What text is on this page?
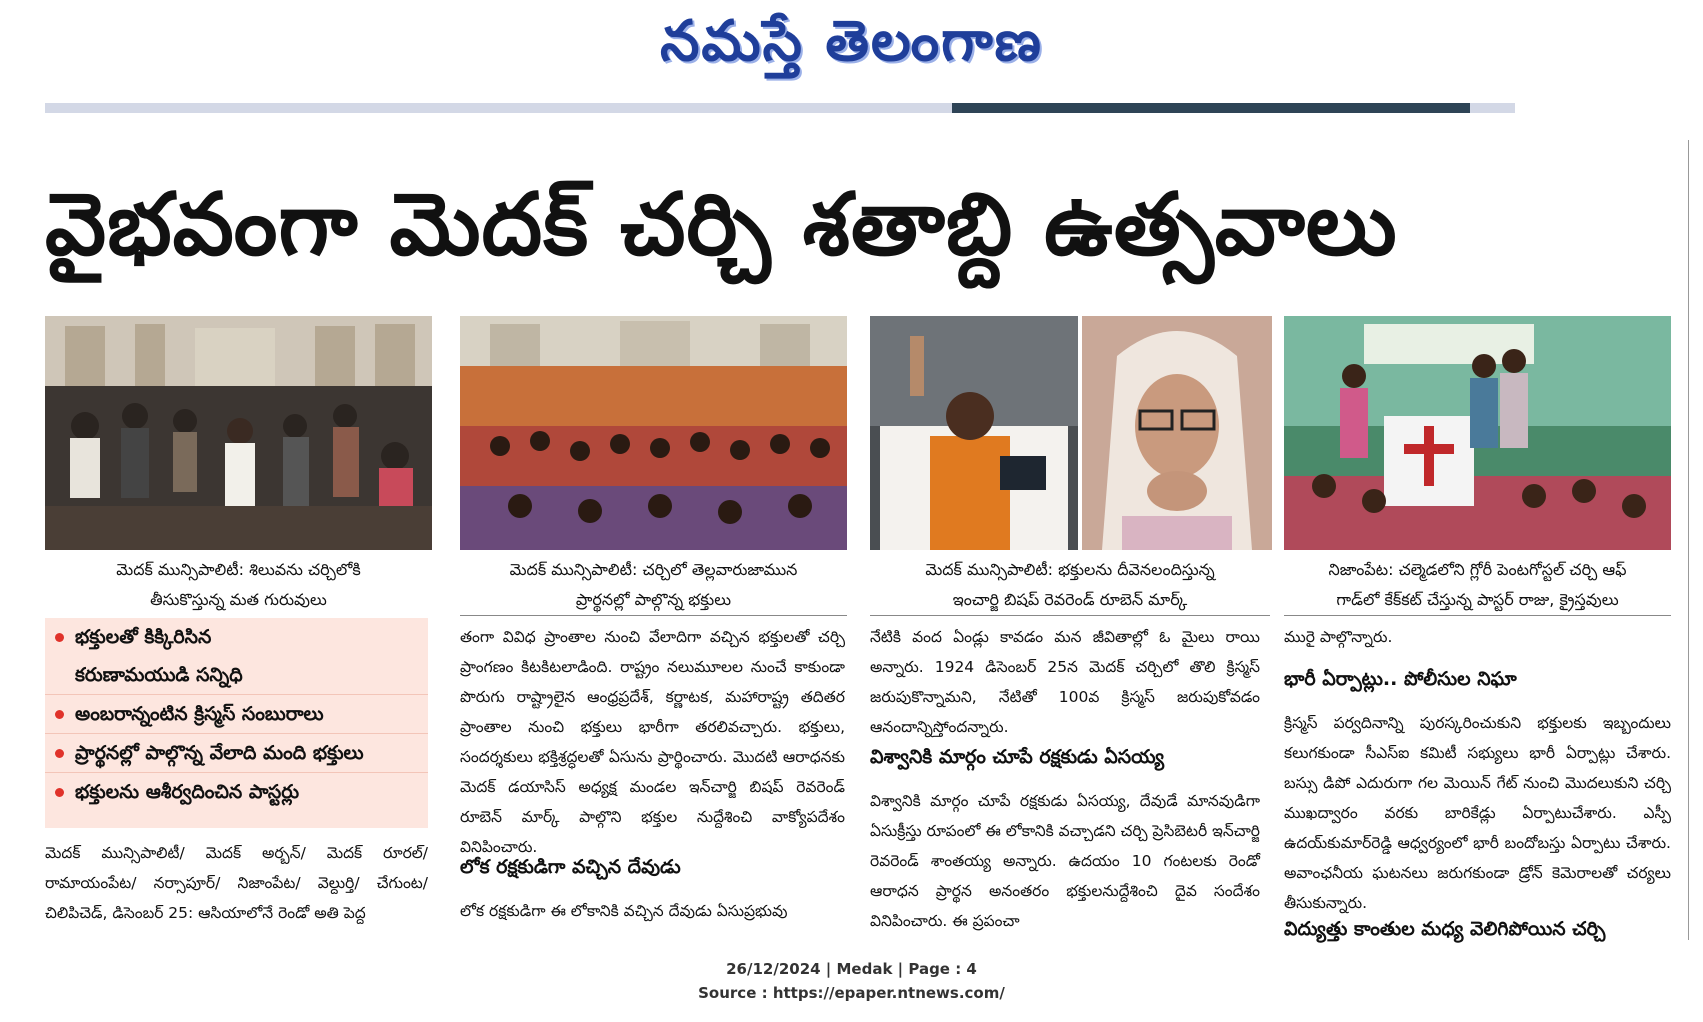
నమస్తే తెలంగాణ
వైభవంగా మెదక్ చర్చి శతాబ్ది ఉత్సవాలు
మెదక్ మున్సిపాలిటీ: శిలువను చర్చిలోకి
తీసుకొస్తున్న మత గురువులు
మెదక్ మున్సిపాలిటీ: చర్చిలో తెల్లవారుజామున
ప్రార్థనల్లో పాల్గొన్న భక్తులు
మెదక్ మున్సిపాలిటీ: భక్తులను దీవెనలందిస్తున్న
ఇంచార్జి బిషప్ రెవరెండ్ రూబెన్ మార్క్
నిజాంపేట: చల్మెడలోని గ్లోరీ పెంటగోస్టల్ చర్చి ఆఫ్
గాడ్‌లో కేక్‌కట్ చేస్తున్న పాస్టర్ రాజు, క్రైస్తవులు
భక్తులతో కిక్కిరిసిన
కరుణామయుడి సన్నిధి
అంబరాన్నంటిన క్రిస్మస్ సంబురాలు
ప్రార్థనల్లో పాల్గొన్న వేలాది మంది భక్తులు
భక్తులను ఆశీర్వదించిన పాస్టర్లు
మెదక్ మున్సిపాలిటీ/ మెదక్ అర్బన్/ మెదక్ రూరల్/ రామాయంపేట/ నర్సాపూర్/ నిజాంపేట/ వెల్దుర్తి/ చేగుంట/చిలిపిచెడ్, డిసెంబర్ 25: ఆసియాలోనే రెండో అతి పెద్ద
తంగా వివిధ ప్రాంతాల నుంచి వేలాదిగా వచ్చిన భక్తులతో చర్చి ప్రాంగణం కిటకిటలాడింది. రాష్ట్రం నలుమూలల నుంచే కాకుండా పొరుగు రాష్ట్రాలైన ఆంధ్రప్రదేశ్, కర్ణాటక, మహారాష్ట్ర తదితర ప్రాంతాల నుంచి భక్తులు భారీగా తరలివచ్చారు. భక్తులు, సందర్శకులు భక్తిశ్రద్ధలతో ఏసును ప్రార్థించారు. మొదటి ఆరాధనకు మెదక్ డయాసిస్ అధ్యక్ష మండల ఇన్‌చార్జి బిషప్ రెవరెండ్ రూబెన్ మార్క్ పాల్గొని భక్తుల నుద్దేశించి వాక్యోపదేశం వినిపించారు.
లోక రక్షకుడిగా వచ్చిన దేవుడు
లోక రక్షకుడిగా ఈ లోకానికి వచ్చిన దేవుడు ఏసుప్రభువు
నేటికి వంద ఏండ్లు కావడం మన జీవితాల్లో ఓ మైలు రాయి అన్నారు. 1924 డిసెంబర్ 25న మెదక్ చర్చిలో తొలి క్రిస్మస్ జరుపుకొన్నామని, నేటితో 100వ క్రిస్మస్ జరుపుకోవడం ఆనందాన్నిస్తోందన్నారు.
విశ్వానికి మార్గం చూపే రక్షకుడు ఏసయ్య
విశ్వానికి మార్గం చూపే రక్షకుడు ఏసయ్య, దేవుడే మానవుడిగా ఏసుక్రీస్తు రూపంలో ఈ లోకానికి వచ్చాడని చర్చి ప్రెసిబెటరీ ఇన్‌చార్జి రెవరెండ్ శాంతయ్య అన్నారు. ఉదయం 10 గంటలకు రెండో ఆరాధన ప్రార్థన అనంతరం భక్తులనుద్దేశించి దైవ సందేశం వినిపించారు. ఈ ప్రపంచా
మురై పాల్గొన్నారు.
భారీ ఏర్పాట్లు.. పోలీసుల నిఘా
క్రిస్మస్ పర్వదినాన్ని పురస్కరించుకుని భక్తులకు ఇబ్బందులు కలుగకుండా సీఎస్ఐ కమిటీ సభ్యులు భారీ ఏర్పాట్లు చేశారు. బస్సు డిపో ఎదురుగా గల మెయిన్ గేట్ నుంచి మొదలుకుని చర్చి ముఖద్వారం వరకు బారికేడ్లు ఏర్పాటుచేశారు. ఎస్పీ ఉదయ్‌కుమార్‌రెడ్డి ఆధ్వర్యంలో భారీ బందోబస్తు ఏర్పాటు చేశారు. అవాంఛనీయ ఘటనలు జరుగకుండా డ్రోన్ కెమెరాలతో చర్యలు తీసుకున్నారు.
విద్యుత్తు కాంతుల మధ్య వెలిగిపోయిన చర్చి
26/12/2024 | Medak | Page : 4
Source : https://epaper.ntnews.com/
